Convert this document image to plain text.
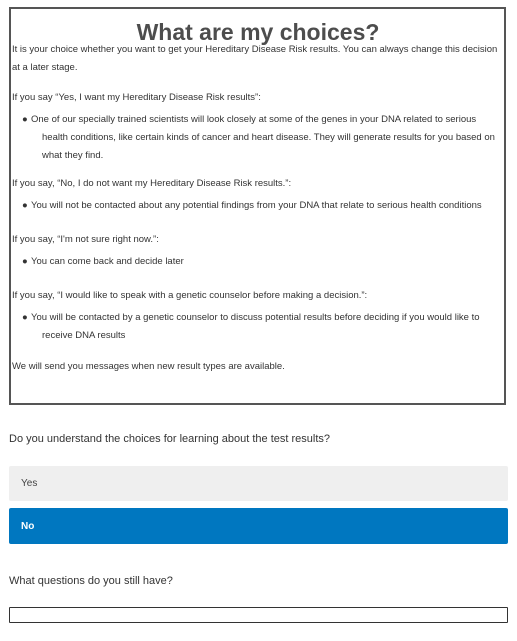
What are my choices?

It is your choice whether you want to get your Hereditary Disease Risk results. You can always change this decision at a later stage.

If you say “Yes, I want my Hereditary Disease Risk results”:

● One of our specially trained scientists will look closely at some of the genes in your DNA related to serious health conditions, like certain kinds of cancer and heart disease. They will generate results for you based on what they find.

If you say, “No, I do not want my Hereditary Disease Risk results.”:

● You will not be contacted about any potential findings from your DNA that relate to serious health conditions

If you say, “I'm not sure right now.”:

● You can come back and decide later

If you say, “I would like to speak with a genetic counselor before making a decision.”:

● You will be contacted by a genetic counselor to discuss potential results before deciding if you would like to receive DNA results

We will send you messages when new result types are available.

Do you understand the choices for learning about the test results?
Yes
No
What questions do you still have?
